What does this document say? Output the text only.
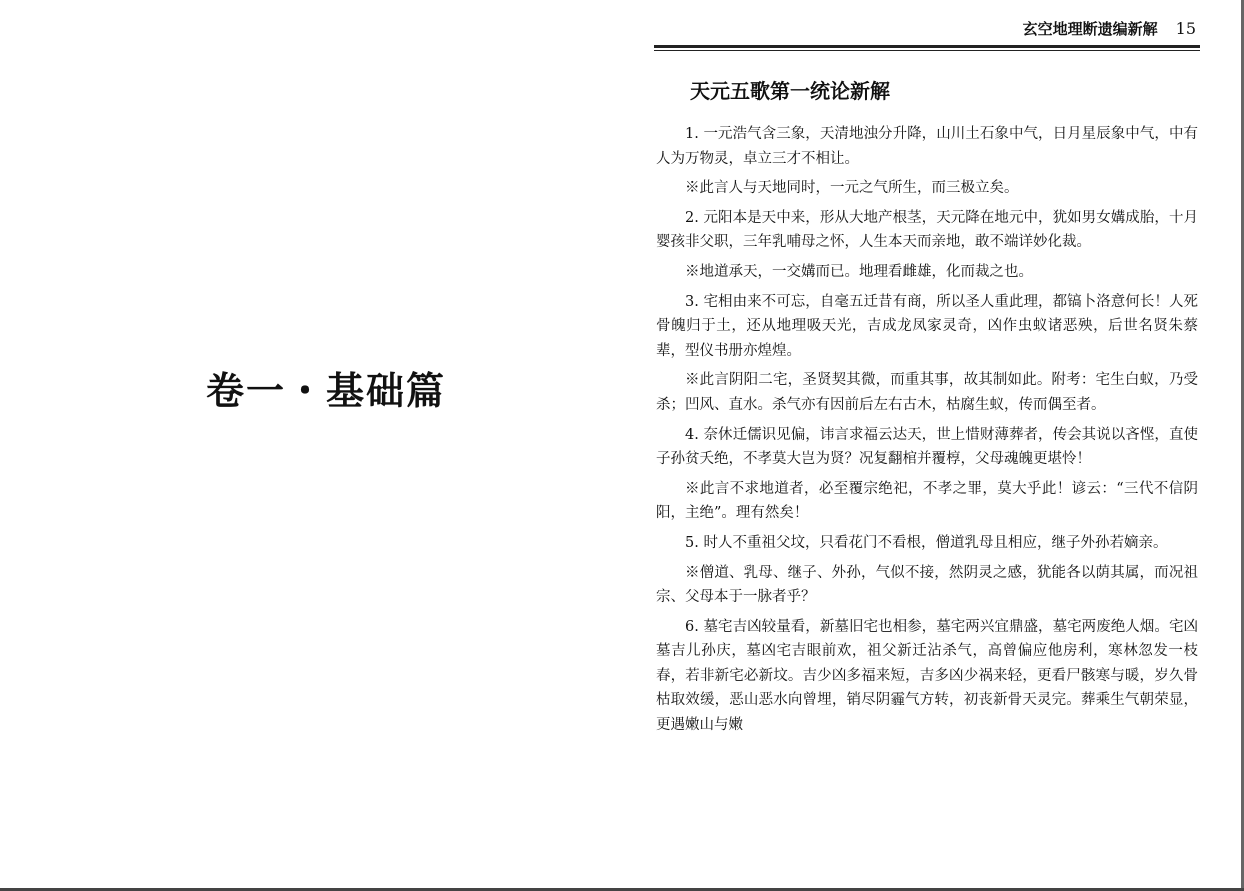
卷一・基础篇
玄空地理断遗编新解 15
天元五歌第一统论新解

1. 一元浩气含三象，天清地浊分升降，山川土石象中气，日月星辰象中气，中有人为万物灵，卓立三才不相让。

※此言人与天地同时，一元之气所生，而三极立矣。

2. 元阳本是天中来，形从大地产根茎，天元降在地元中，犹如男女媾成胎，十月婴孩非父职，三年乳哺母之怀，人生本天而亲地，敢不端详妙化裁。

※地道承天，一交媾而已。地理看雌雄，化而裁之也。

3. 宅相由来不可忘，自毫五迁昔有商，所以圣人重此理，都镐卜洛意何长！人死骨魄归于土，还从地理吸天光，吉成龙凤家灵奇，凶作虫蚁诸恶殃，后世名贤朱蔡辈，型仪书册亦煌煌。

※此言阴阳二宅，圣贤契其微，而重其事，故其制如此。附考：宅生白蚁，乃受杀；凹风、直水。杀气亦有因前后左右古木，枯腐生蚁，传而偶至者。

4. 奈休迁儒识见偏，讳言求福云达天，世上惜财薄葬者，传会其说以吝悭，直使子孙贫夭绝，不孝莫大岂为贤？况复翻棺并覆椁，父母魂魄更堪怜！

※此言不求地道者，必至覆宗绝祀，不孝之罪，莫大乎此！谚云：“三代不信阴阳，主绝”。理有然矣！

5. 时人不重祖父坟，只看花门不看根，僧道乳母且相应，继子外孙若嫡亲。

※僧道、乳母、继子、外孙，气似不接，然阴灵之感，犹能各以荫其属，而况祖宗、父母本于一脉者乎？

6. 墓宅吉凶较量看，新墓旧宅也相参，墓宅两兴宜鼎盛，墓宅两废绝人烟。宅凶墓吉儿孙庆，墓凶宅吉眼前欢，祖父新迁沾杀气，高曾偏应他房利，寒林忽发一枝春，若非新宅必新坟。吉少凶多福来短，吉多凶少祸来轻，更看尸骸寒与暖，岁久骨枯取效缓，恶山恶水向曾埋，销尽阴霾气方转，初丧新骨天灵完。葬乘生气朝荣显，更遇嫩山与嫩
